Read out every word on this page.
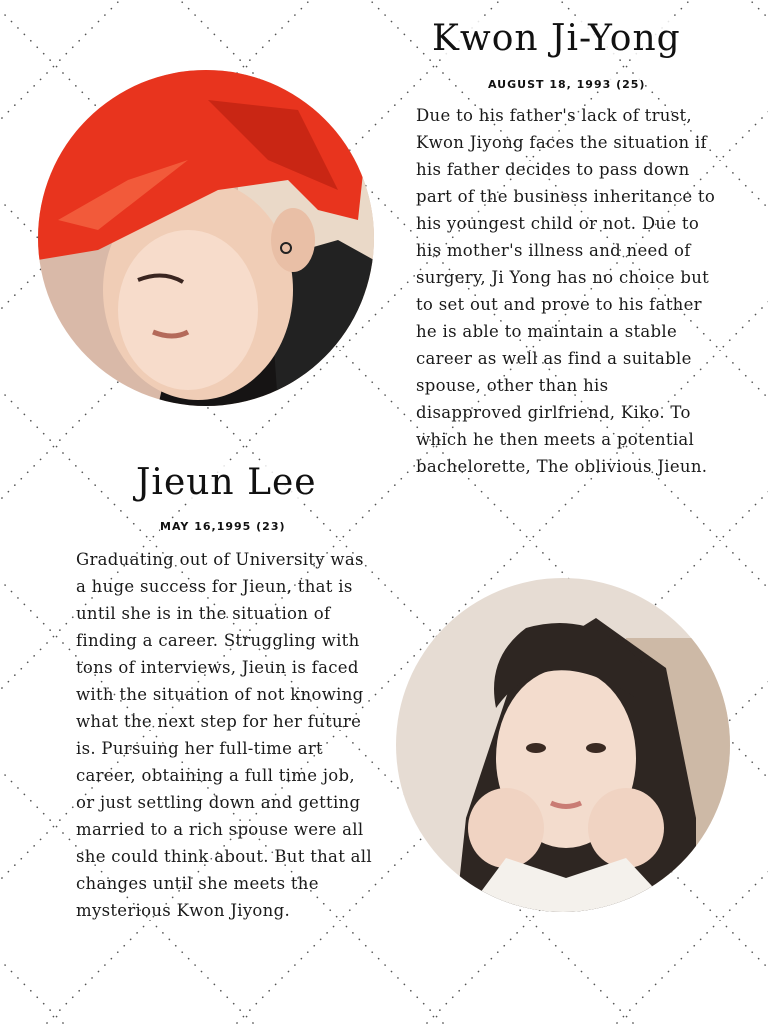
Kwon Ji-Yong

AUGUST 18, 1993 (25)

Due to his father's lack of trust, Kwon Jiyong faces the situation if his father decides to pass down part of the business inheritance to his youngest child or not. Due to his mother's illness and need of surgery, Ji Yong has no choice but to set out and prove to his father he is able to maintain a stable career as well as find a suitable spouse, other than his disapproved girlfriend, Kiko. To which he then meets a potential bachelorette, The oblivious Jieun.

Jieun Lee

MAY 16,1995 (23)

Graduating out of University was a huge success for Jieun, that is until she is in the situation of finding a career. Struggling with tons of interviews, Jieun is faced with the situation of not knowing what the next step for her future is. Pursuing her full-time art career, obtaining a full time job, or just settling down and getting married to a rich spouse were all she could think about. But that all changes until she meets the mysterious Kwon Jiyong.
